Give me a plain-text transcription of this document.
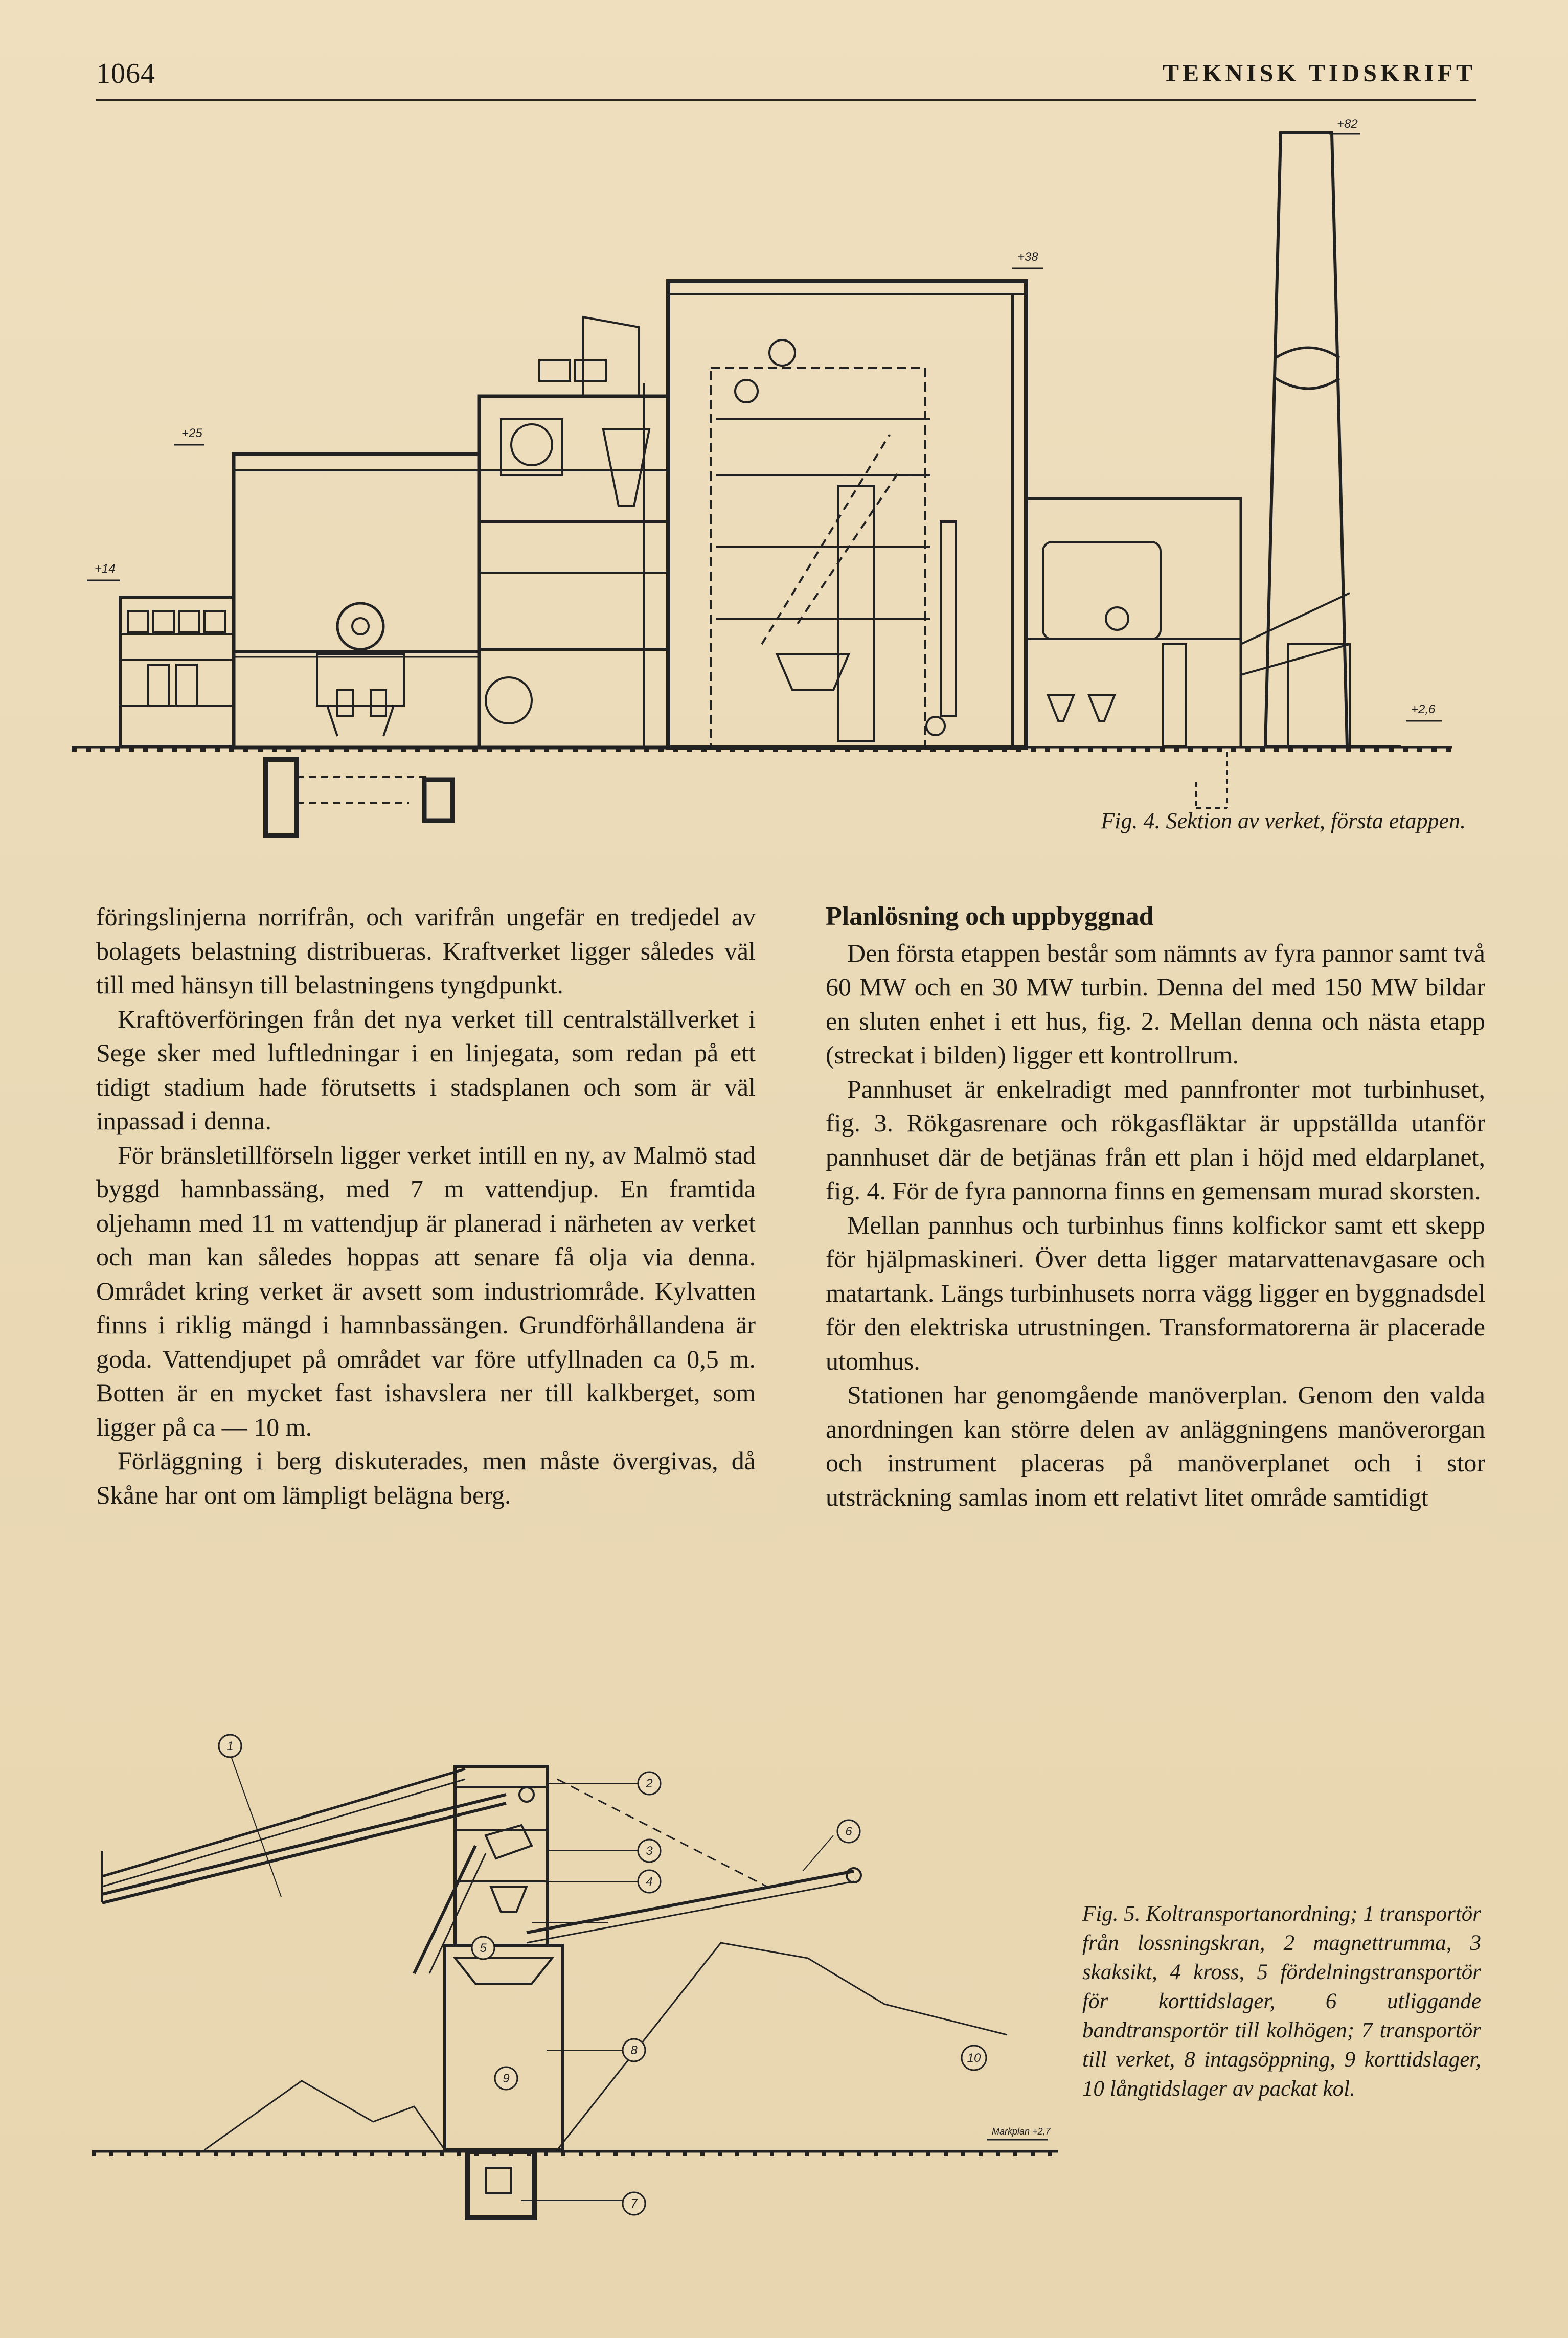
1064	TEKNISK TIDSKRIFT
+82
+38
+25
+14
+2,6
Fig. 4. Sektion av verket, första etappen.

föringslinjerna norrifrån, och varifrån ungefär en tredjedel av bolagets belastning distribueras. Kraftverket ligger således väl till med hänsyn till belastningens tyngdpunkt.

Kraftöverföringen från det nya verket till centralställverket i Sege sker med luftledningar i en linjegata, som redan på ett tidigt stadium hade förutsetts i stadsplanen och som är väl inpassad i denna.

För bränsletillförseln ligger verket intill en ny, av Malmö stad byggd hamnbassäng, med 7 m vattendjup. En framtida oljehamn med 11 m vattendjup är planerad i närheten av verket och man kan således hoppas att senare få olja via denna. Området kring verket är avsett som industriområde. Kylvatten finns i riklig mängd i hamnbassängen. Grundförhållandena är goda. Vattendjupet på området var före utfyllnaden ca 0,5 m. Botten är en mycket fast ishavslera ner till kalkberget, som ligger på ca — 10 m.

Förläggning i berg diskuterades, men måste övergivas, då Skåne har ont om lämpligt belägna berg.

Planlösning och uppbyggnad

Den första etappen består som nämnts av fyra pannor samt två 60 MW och en 30 MW turbin. Denna del med 150 MW bildar en sluten enhet i ett hus, fig. 2. Mellan denna och nästa etapp (streckat i bilden) ligger ett kontrollrum.

Pannhuset är enkelradigt med pannfronter mot turbinhuset, fig. 3. Rökgasrenare och rökgasfläktar är uppställda utanför pannhuset där de betjänas från ett plan i höjd med eldarplanet, fig. 4. För de fyra pannorna finns en gemensam murad skorsten.

Mellan pannhus och turbinhus finns kolfickor samt ett skepp för hjälpmaskineri. Över detta ligger matarvattenavgasare och matartank. Längs turbinhusets norra vägg ligger en byggnadsdel för den elektriska utrustningen. Transformatorerna är placerade utomhus.

Stationen har genomgående manöverplan. Genom den valda anordningen kan större delen av anläggningens manöverorgan och instrument placeras på manöverplanet och i stor utsträckning samlas inom ett relativt litet område samtidigt

1
2
3
4
5
6
7
8
9
10
Markplan +2,7
Fig. 5. Koltransportanordning; 1 transportör från lossningskran, 2 magnettrumma, 3 skaksikt, 4 kross, 5 fördelningstransportör för korttidslager, 6 utliggande bandtransportör till kolhögen; 7 transportör till verket, 8 intagsöppning, 9 korttidslager, 10 långtidslager av packat kol.
